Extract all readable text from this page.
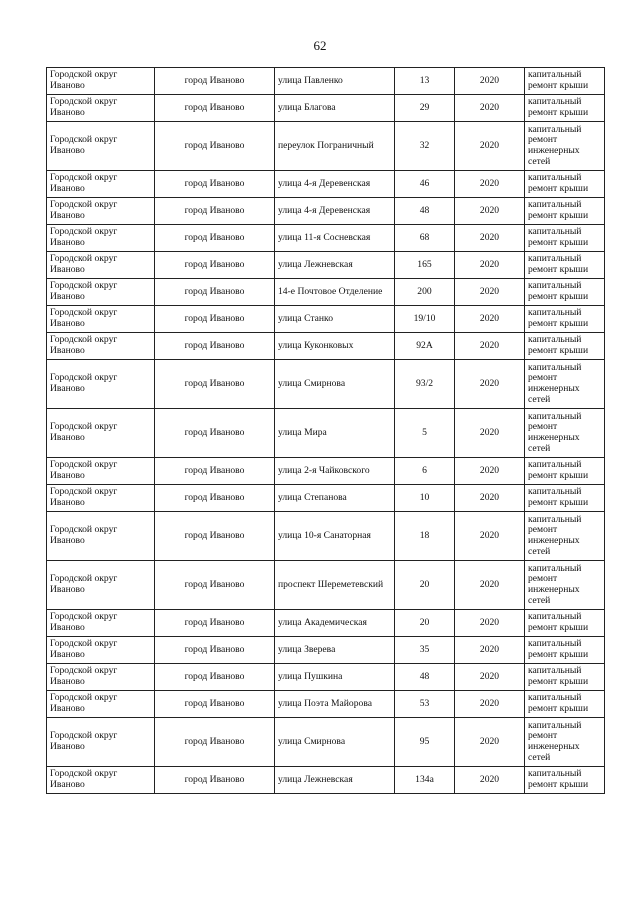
62
Городской округ Иваново	город Иваново	улица Павленко	13	2020	капитальный ремонт крыши
Городской округ Иваново	город Иваново	улица Благова	29	2020	капитальный ремонт крыши
Городской округ Иваново	город Иваново	переулок Пограничный	32	2020	капитальный ремонт инженерных сетей
Городской округ Иваново	город Иваново	улица 4-я Деревенская	46	2020	капитальный ремонт крыши
Городской округ Иваново	город Иваново	улица 4-я Деревенская	48	2020	капитальный ремонт крыши
Городской округ Иваново	город Иваново	улица 11-я Сосневская	68	2020	капитальный ремонт крыши
Городской округ Иваново	город Иваново	улица Лежневская	165	2020	капитальный ремонт крыши
Городской округ Иваново	город Иваново	14-е Почтовое Отделение	200	2020	капитальный ремонт крыши
Городской округ Иваново	город Иваново	улица Станко	19/10	2020	капитальный ремонт крыши
Городской округ Иваново	город Иваново	улица Куконковых	92А	2020	капитальный ремонт крыши
Городской округ Иваново	город Иваново	улица Смирнова	93/2	2020	капитальный ремонт инженерных сетей
Городской округ Иваново	город Иваново	улица Мира	5	2020	капитальный ремонт инженерных сетей
Городской округ Иваново	город Иваново	улица 2-я Чайковского	6	2020	капитальный ремонт крыши
Городской округ Иваново	город Иваново	улица Степанова	10	2020	капитальный ремонт крыши
Городской округ Иваново	город Иваново	улица 10-я Санаторная	18	2020	капитальный ремонт инженерных сетей
Городской округ Иваново	город Иваново	проспект Шереметевский	20	2020	капитальный ремонт инженерных сетей
Городской округ Иваново	город Иваново	улица Академическая	20	2020	капитальный ремонт крыши
Городской округ Иваново	город Иваново	улица Зверева	35	2020	капитальный ремонт крыши
Городской округ Иваново	город Иваново	улица Пушкина	48	2020	капитальный ремонт крыши
Городской округ Иваново	город Иваново	улица Поэта Майорова	53	2020	капитальный ремонт крыши
Городской округ Иваново	город Иваново	улица Смирнова	95	2020	капитальный ремонт инженерных сетей
Городской округ Иваново	город Иваново	улица Лежневская	134а	2020	капитальный ремонт крыши
